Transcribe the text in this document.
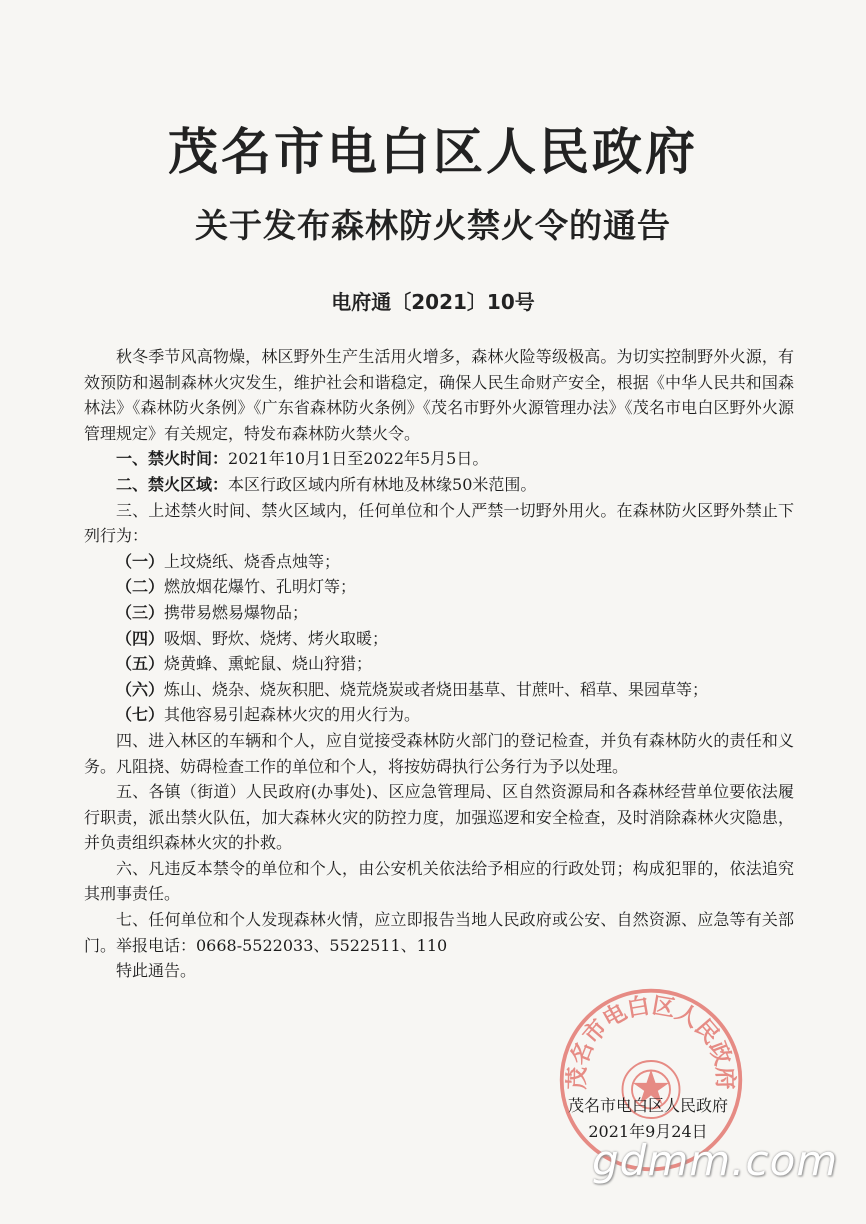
茂名市电白区人民政府
关于发布森林防火禁火令的通告
电府通〔2021〕10号

秋冬季节风高物燥，林区野外生产生活用火增多，森林火险等级极高。为切实控制野外火源，有效预防和遏制森林火灾发生，维护社会和谐稳定，确保人民生命财产安全，根据《中华人民共和国森林法》《森林防火条例》《广东省森林防火条例》《茂名市野外火源管理办法》《茂名市电白区野外火源管理规定》有关规定，特发布森林防火禁火令。

一、禁火时间：2021年10月1日至2022年5月5日。

二、禁火区域：本区行政区域内所有林地及林缘50米范围。

三、上述禁火时间、禁火区域内，任何单位和个人严禁一切野外用火。在森林防火区野外禁止下列行为：

（一）上坟烧纸、烧香点烛等；

（二）燃放烟花爆竹、孔明灯等；

（三）携带易燃易爆物品；

（四）吸烟、野炊、烧烤、烤火取暖；

（五）烧黄蜂、熏蛇鼠、烧山狩猎；

（六）炼山、烧杂、烧灰积肥、烧荒烧炭或者烧田基草、甘蔗叶、稻草、果园草等；

（七）其他容易引起森林火灾的用火行为。

四、进入林区的车辆和个人，应自觉接受森林防火部门的登记检查，并负有森林防火的责任和义务。凡阻挠、妨碍检查工作的单位和个人，将按妨碍执行公务行为予以处理。

五、各镇（街道）人民政府(办事处)、区应急管理局、区自然资源局和各森林经营单位要依法履行职责，派出禁火队伍，加大森林火灾的防控力度，加强巡逻和安全检查，及时消除森林火灾隐患，并负责组织森林火灾的扑救。

六、凡违反本禁令的单位和个人，由公安机关依法给予相应的行政处罚；构成犯罪的，依法追究其刑事责任。

七、任何单位和个人发现森林火情，应立即报告当地人民政府或公安、自然资源、应急等有关部门。举报电话：0668-5522033、5522511、110

特此通告。

茂名市电白区人民政府
茂名市电白区人民政府
2021年9月24日
gdmm.com
